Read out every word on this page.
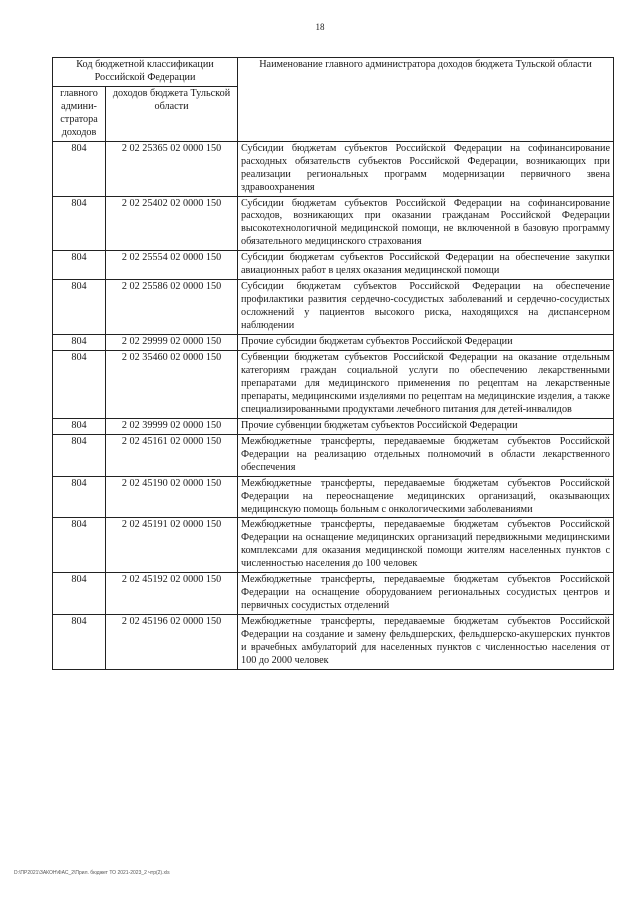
18
Код бюджетной классификации Российской Федерации		Наименование главного администратора доходов бюджета Тульской области
главного админи-стратора доходов	доходов бюджета Тульской области	
804	2 02 25365 02 0000 150	Субсидии бюджетам субъектов Российской Федерации на софинансирование расходных обязательств субъектов Российской Федерации, возникающих при реализации региональных программ модернизации первичного звена здравоохранения
804	2 02 25402 02 0000 150	Субсидии бюджетам субъектов Российской Федерации на софинансирование расходов, возникающих при оказании гражданам Российской Федерации высокотехнологичной медицинской помощи, не включенной в базовую программу обязательного медицинского страхования
804	2 02 25554 02 0000 150	Субсидии бюджетам субъектов Российской Федерации на обеспечение закупки авиационных работ в целях оказания медицинской помощи
804	2 02 25586 02 0000 150	Субсидии бюджетам субъектов Российской Федерации на обеспечение профилактики развития сердечно-сосудистых заболеваний и сердечно-сосудистых осложнений у пациентов высокого риска, находящихся на диспансерном наблюдении
804	2 02 29999 02 0000 150	Прочие субсидии бюджетам субъектов Российской Федерации
804	2 02 35460 02 0000 150	Субвенции бюджетам субъектов Российской Федерации на оказание отдельным категориям граждан социальной услуги по обеспечению лекарственными препаратами для медицинского применения по рецептам на лекарственные препараты, медицинскими изделиями по рецептам на медицинские изделия, а также специализированными продуктами лечебного питания для детей-инвалидов
804	2 02 39999 02 0000 150	Прочие субвенции бюджетам субъектов Российской Федерации
804	2 02 45161 02 0000 150	Межбюджетные трансферты, передаваемые бюджетам субъектов Российской Федерации на реализацию отдельных полномочий в области лекарственного обеспечения
804	2 02 45190 02 0000 150	Межбюджетные трансферты, передаваемые бюджетам субъектов Российской Федерации на переоснащение медицинских организаций, оказывающих медицинскую помощь больным с онкологическими заболеваниями
804	2 02 45191 02 0000 150	Межбюджетные трансферты, передаваемые бюджетам субъектов Российской Федерации на оснащение медицинских организаций передвижными медицинскими комплексами для оказания медицинской помощи жителям населенных пунктов с численностью населения до 100 человек
804	2 02 45192 02 0000 150	Межбюджетные трансферты, передаваемые бюджетам субъектов Российской Федерации на оснащение оборудованием региональных сосудистых центров и первичных сосудистых отделений
804	2 02 45196 02 0000 150	Межбюджетные трансферты, передаваемые бюджетам субъектов Российской Федерации на создание и замену фельдшерских, фельдшерско-акушерских пунктов и врачебных амбулаторий для населенных пунктов с численностью населения от 100 до 2000 человек
D:\ПР2021\ЗАКОН\ФАС_2\Прил. бюджет ТО 2021-2023_2 чтр(2).xls
